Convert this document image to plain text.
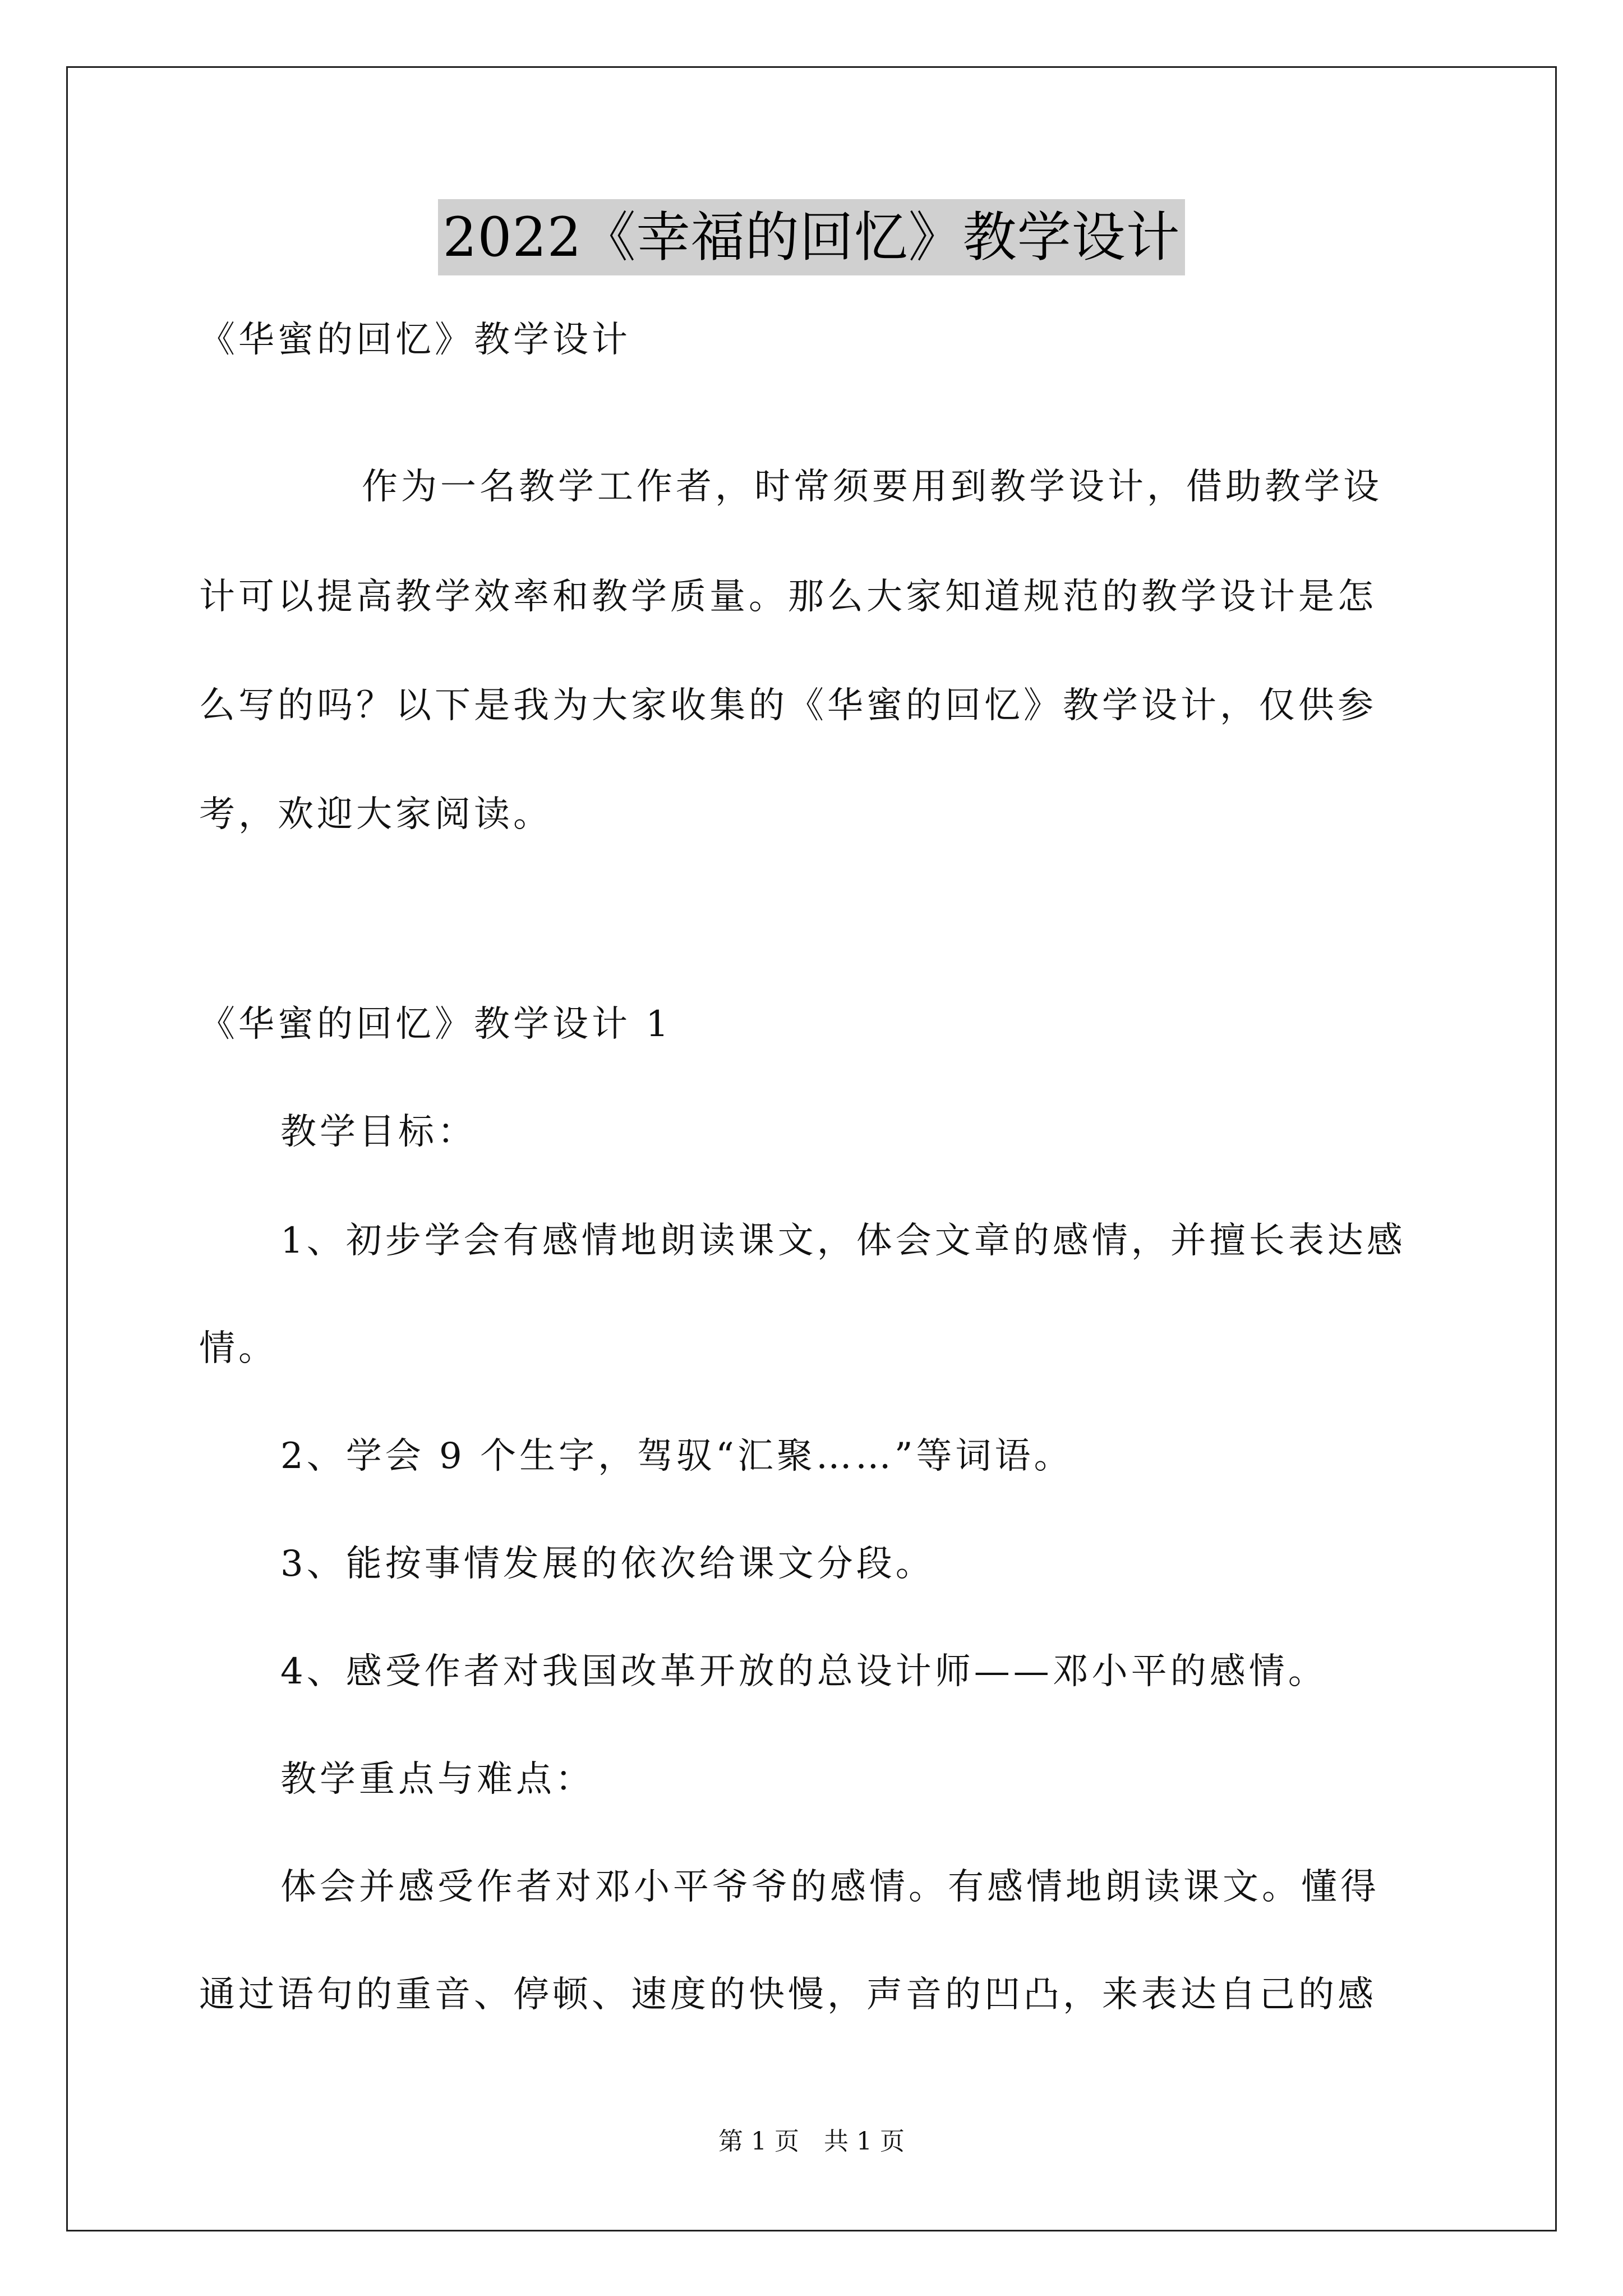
2022《幸福的回忆》教学设计
《华蜜的回忆》教学设计
作为一名教学工作者，时常须要用到教学设计，借助教学设
计可以提高教学效率和教学质量。那么大家知道规范的教学设计是怎
么写的吗？以下是我为大家收集的《华蜜的回忆》教学设计，仅供参
考，欢迎大家阅读。
《华蜜的回忆》教学设计 1
教学目标：
1、初步学会有感情地朗读课文，体会文章的感情，并擅长表达感
情。
2、学会 9 个生字，驾驭“汇聚……”等词语。
3、能按事情发展的依次给课文分段。
4、感受作者对我国改革开放的总设计师——邓小平的感情。
教学重点与难点：
体会并感受作者对邓小平爷爷的感情。有感情地朗读课文。懂得
通过语句的重音、停顿、速度的快慢，声音的凹凸，来表达自己的感
第 1 页　共 1 页
